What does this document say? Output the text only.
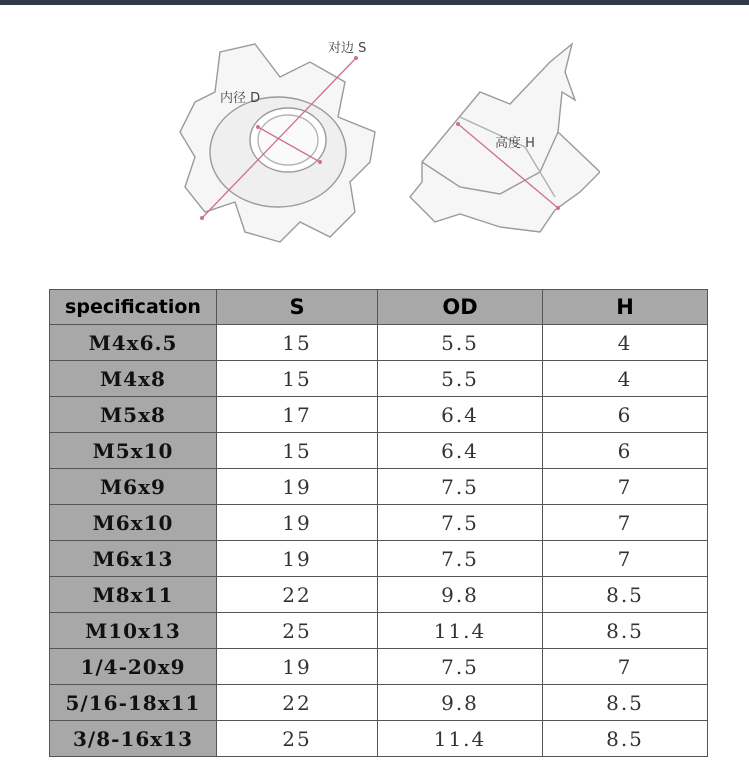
对边 S
内径 D
高度 H
specification	S	OD	H
M4x6.5	15	5.5	4
M4x8	15	5.5	4
M5x8	17	6.4	6
M5x10	15	6.4	6
M6x9	19	7.5	7
M6x10	19	7.5	7
M6x13	19	7.5	7
M8x11	22	9.8	8.5
M10x13	25	11.4	8.5
1/4-20x9	19	7.5	7
5/16-18x11	22	9.8	8.5
3/8-16x13	25	11.4	8.5
